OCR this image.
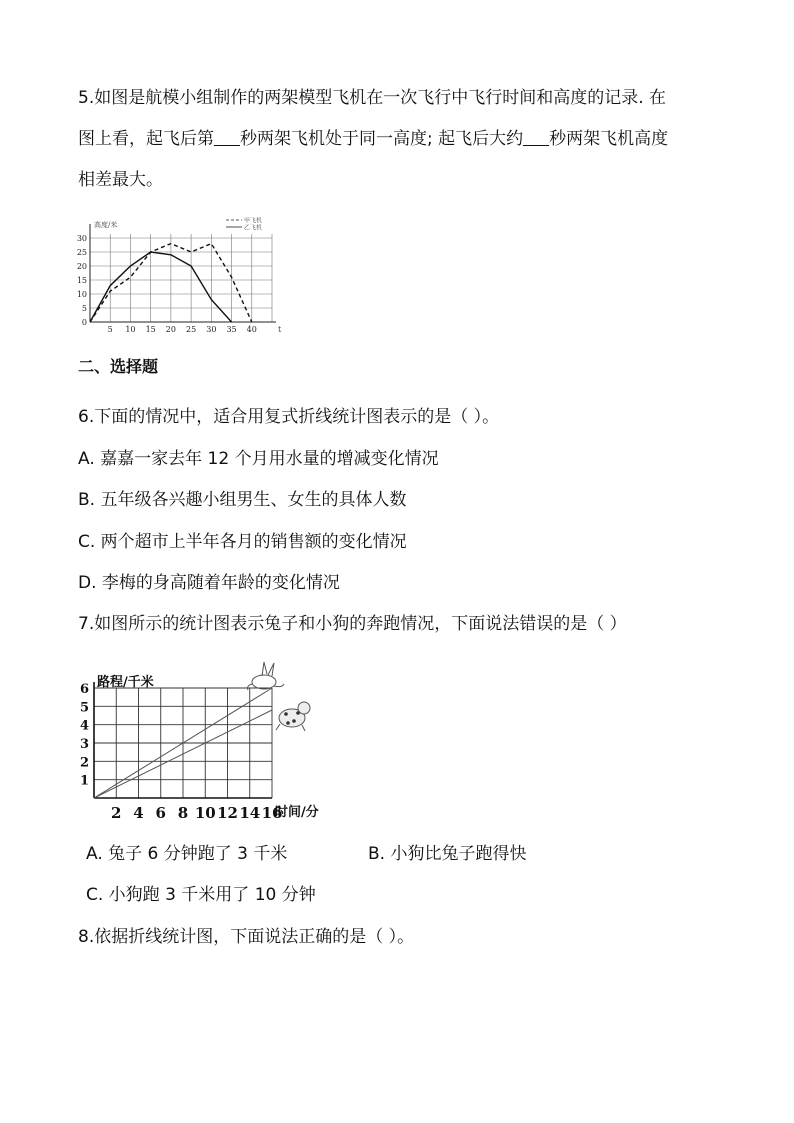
5.如图是航模小组制作的两架模型飞机在一次飞行中飞行时间和高度的记录. 在
图上看，起飞后第 秒两架飞机处于同一高度; 起飞后大约 秒两架飞机高度
相差最大。
0
5
10
15
20
25
30
5 10 15 20 25 30 35 40
高度/米
t
甲飞机
乙飞机
二、选择题
6.下面的情况中，适合用复式折线统计图表示的是（ ）。
A. 嘉嘉一家去年 12 个月用水量的增减变化情况
B. 五年级各兴趣小组男生、女生的具体人数
C. 两个超市上半年各月的销售额的变化情况
D. 李梅的身高随着年龄的变化情况
7.如图所示的统计图表示兔子和小狗的奔跑情况，下面说法错误的是（ ）
1
2
3
4
5
6
2 4 6 8 10 12 14 16
路程/千米
时间/分
A. 兔子 6 分钟跑了 3 千米	B. 小狗比兔子跑得快
C. 小狗跑 3 千米用了 10 分钟
8.依据折线统计图，下面说法正确的是（ ）。
